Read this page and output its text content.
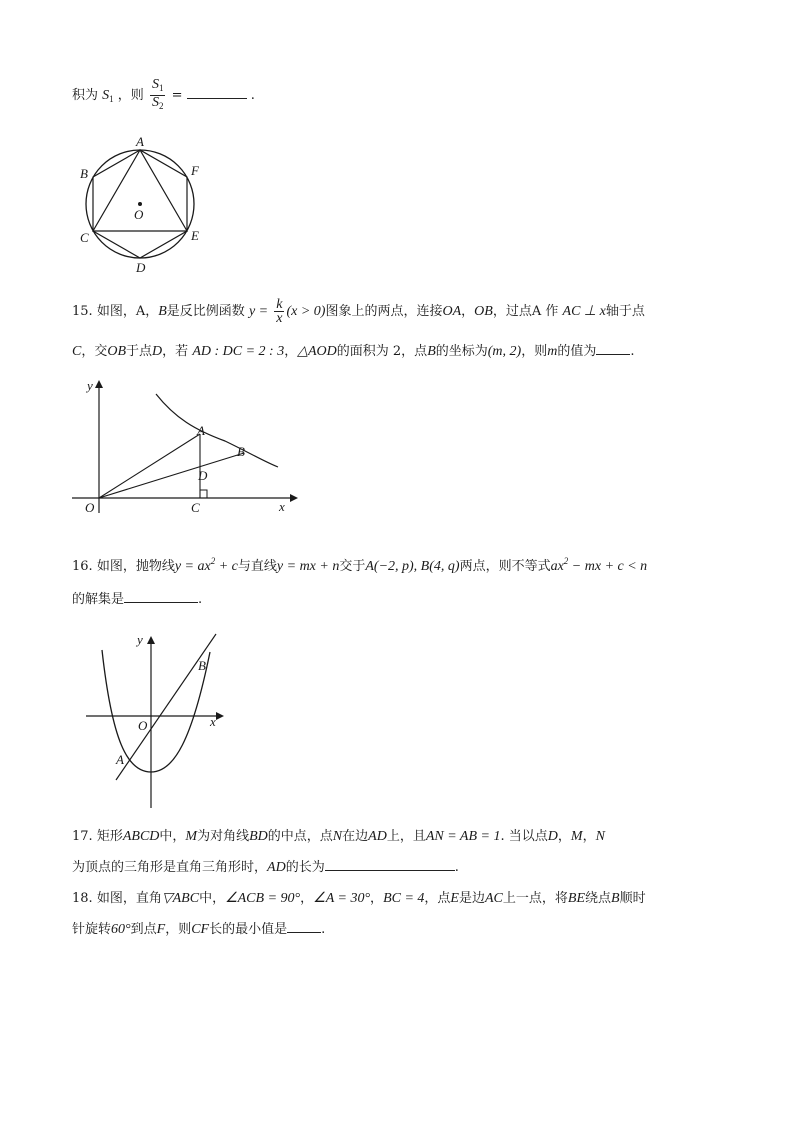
积为 $S_1$ ，则 $\frac{S_1}{S_2}$ =	.
A
B	F
O
C	E
D
15. 如图，A，B是反比例函数 $y = \frac{k}{x} (x > 0)$图象上的两点，连接OA，OB，过点A 作 AC ⊥ x轴于点
C，交OB于点D，若 AD : DC = 2 : 3，△AOD的面积为 2，点B的坐标为(m, 2)，则m的值为	.
y
A
B
D
O	C	x
16. 如图，抛物线$y = ax^2 + c$与直线y = mx + n交于A(−2, p), B(4, q)两点，则不等式$ax^2$ − mx + c < n
的解集是	.
y
B
O	x
A
17. 矩形ABCD中，M为对角线BD的中点，点N在边AD上，且AN = AB = 1. 当以点D，M，N
为顶点的三角形是直角三角形时，AD的长为	.
18. 如图，直角▽ABC中，∠ACB = 90°，∠A = 30°，BC = 4，点E是边AC上一点，将BE绕点B顺时
针旋转60°到点F，则CF长的最小值是	.
